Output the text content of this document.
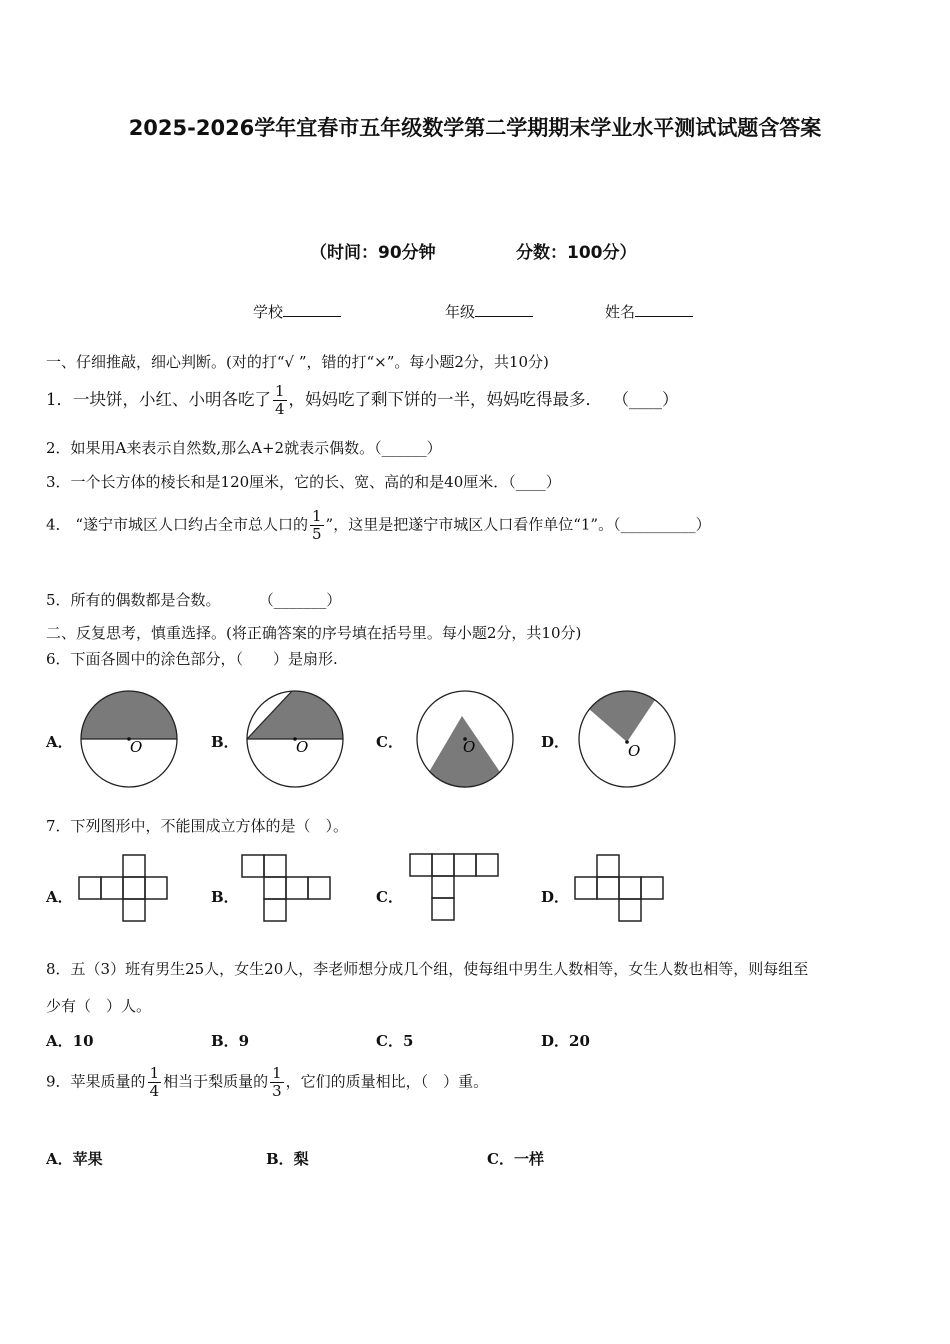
2025-2026学年宜春市五年级数学第二学期期末学业水平测试试题含答案
（时间：90分钟	分数：100分）
学校	年级	姓名
一、仔细推敲，细心判断。(对的打“√ ”，错的打“×”。每小题2分，共10分)
1．一块饼，小红、小明各吃了 $\frac{1}{4}$ ，妈妈吃了剩下饼的一半，妈妈吃得最多． （____）
2．如果用A来表示自然数,那么A+2就表示偶数。（______）
3．一个长方体的棱长和是120厘米，它的长、宽、高的和是40厘米．（____）
4． “遂宁市城区人口约占全市总人口的 $\frac{1}{5}$ ”，这里是把遂宁市城区人口看作单位“1”。（__________）
5．所有的偶数都是合数。	（_______）
二、反复思考，慎重选择。(将正确答案的序号填在括号里。每小题2分，共10分)
6．下面各圆中的涂色部分，（　　）是扇形.
A．	B．	C．	D．
O	O	O	O
7．下列图形中，不能围成立方体的是（　）。
A．	B．	C．	D．
8．五（3）班有男生25人，女生20人，李老师想分成几个组，使每组中男生人数相等，女生人数也相等，则每组至
少有（　）人。
A．10	B．9	C．5	D．20
9．苹果质量的 $\frac{1}{4}$ 相当于梨质量的 $\frac{1}{3}$ ，它们的质量相比，（　）重。
A．苹果	B．梨	C．一样
